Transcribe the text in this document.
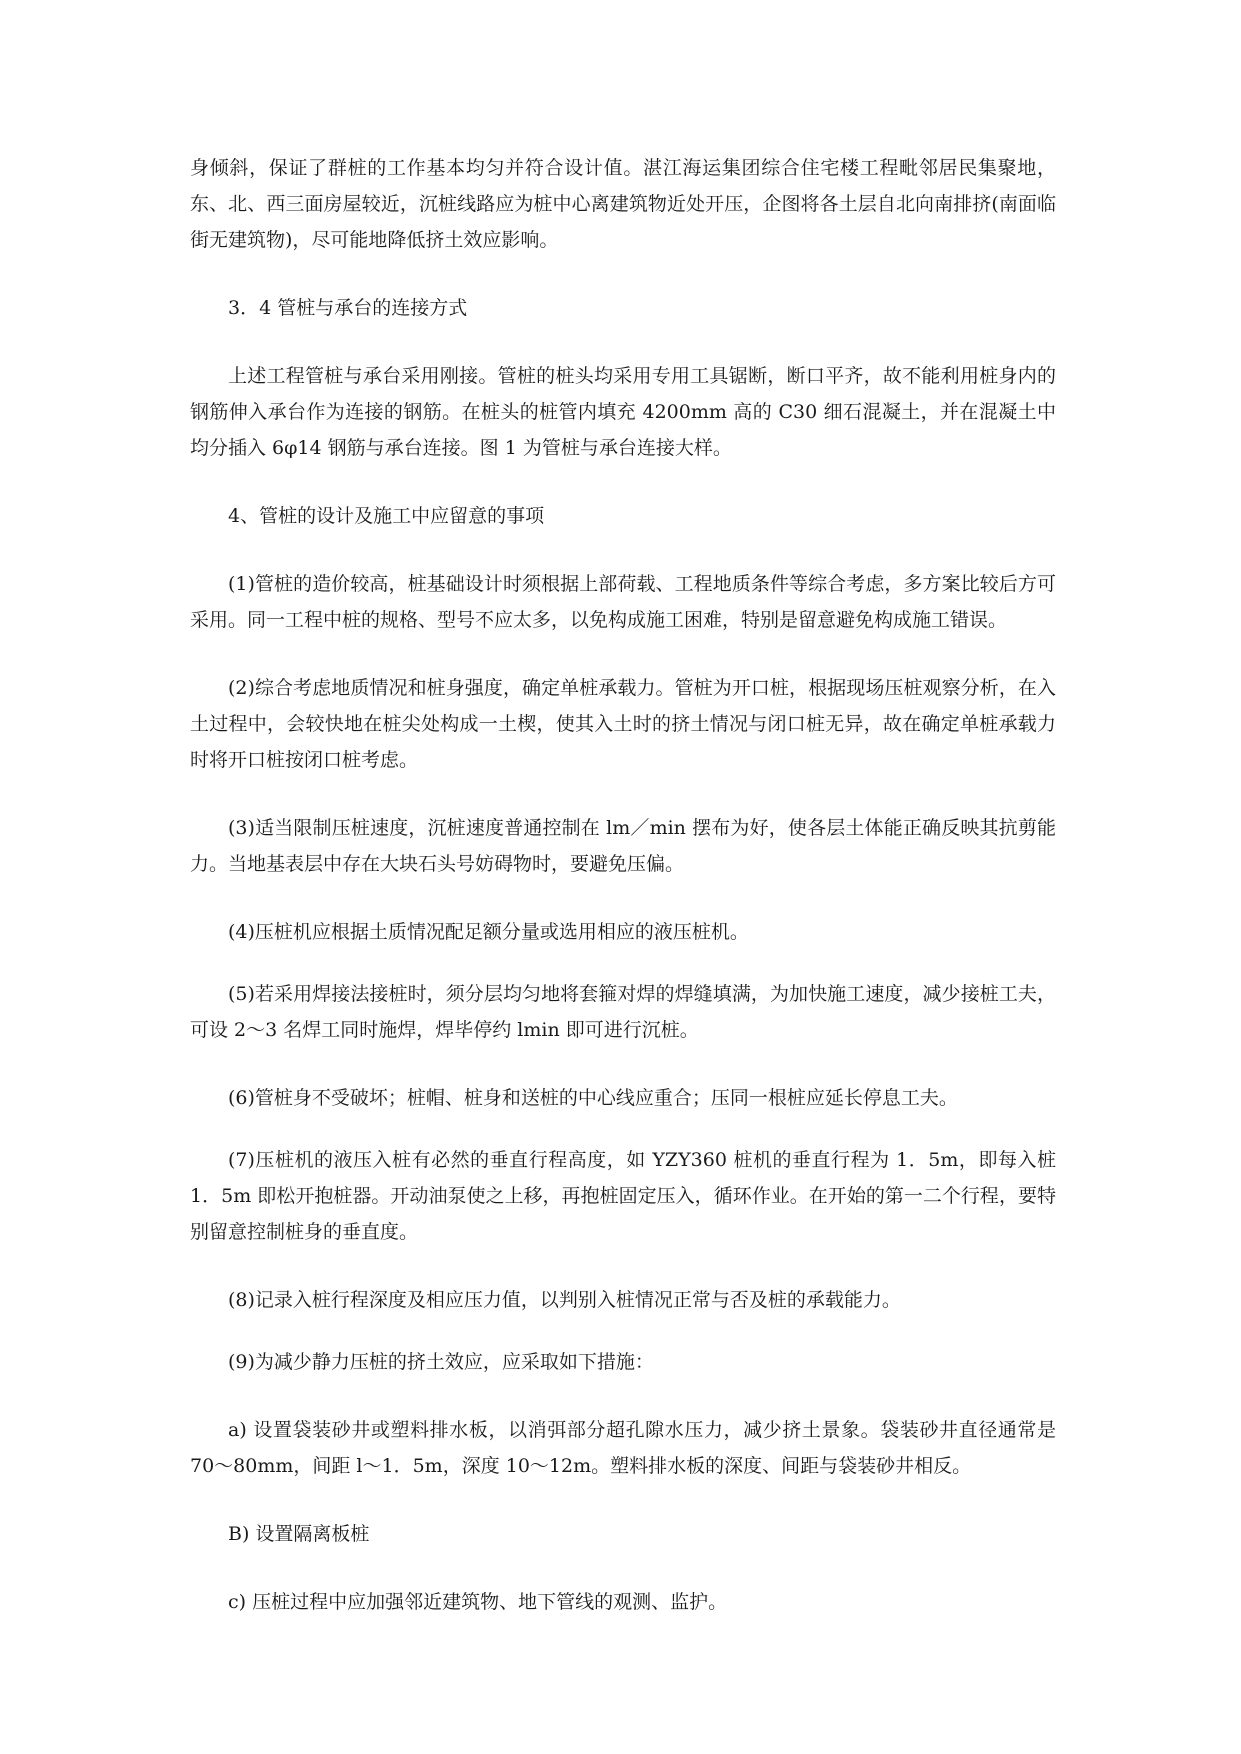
身倾斜，保证了群桩的工作基本均匀并符合设计值。湛江海运集团综合住宅楼工程毗邻居民集聚地，东、北、西三面房屋较近，沉桩线路应为桩中心离建筑物近处开压，企图将各土层自北向南排挤(南面临街无建筑物)，尽可能地降低挤土效应影响。

3．4 管桩与承台的连接方式

上述工程管桩与承台采用刚接。管桩的桩头均采用专用工具锯断，断口平齐，故不能利用桩身内的钢筋伸入承台作为连接的钢筋。在桩头的桩管内填充 4200mm 高的 C30 细石混凝土，并在混凝土中均分插入 6φ14 钢筋与承台连接。图 1 为管桩与承台连接大样。

4、管桩的设计及施工中应留意的事项

(1)管桩的造价较高，桩基础设计时须根据上部荷载、工程地质条件等综合考虑，多方案比较后方可采用。同一工程中桩的规格、型号不应太多，以免构成施工困难，特别是留意避免构成施工错误。

(2)综合考虑地质情况和桩身强度，确定单桩承载力。管桩为开口桩，根据现场压桩观察分析，在入土过程中，会较快地在桩尖处构成一土楔，使其入土时的挤土情况与闭口桩无异，故在确定单桩承载力时将开口桩按闭口桩考虑。

(3)适当限制压桩速度，沉桩速度普通控制在 lm／min 摆布为好，使各层土体能正确反映其抗剪能力。当地基表层中存在大块石头号妨碍物时，要避免压偏。

(4)压桩机应根据土质情况配足额分量或选用相应的液压桩机。

(5)若采用焊接法接桩时，须分层均匀地将套箍对焊的焊缝填满，为加快施工速度，减少接桩工夫，可设 2～3 名焊工同时施焊，焊毕停约 lmin 即可进行沉桩。

(6)管桩身不受破坏；桩帽、桩身和送桩的中心线应重合；压同一根桩应延长停息工夫。

(7)压桩机的液压入桩有必然的垂直行程高度，如 YZY360 桩机的垂直行程为 1．5m，即每入桩 1．5m 即松开抱桩器。开动油泵使之上移，再抱桩固定压入，循环作业。在开始的第一二个行程，要特别留意控制桩身的垂直度。

(8)记录入桩行程深度及相应压力值，以判别入桩情况正常与否及桩的承载能力。

(9)为减少静力压桩的挤土效应，应采取如下措施：

a) 设置袋装砂井或塑料排水板，以消弭部分超孔隙水压力，减少挤土景象。袋装砂井直径通常是 70～80mm，间距 l～1．5m，深度 10～12m。塑料排水板的深度、间距与袋装砂井相反。

B) 设置隔离板桩

c) 压桩过程中应加强邻近建筑物、地下管线的观测、监护。
